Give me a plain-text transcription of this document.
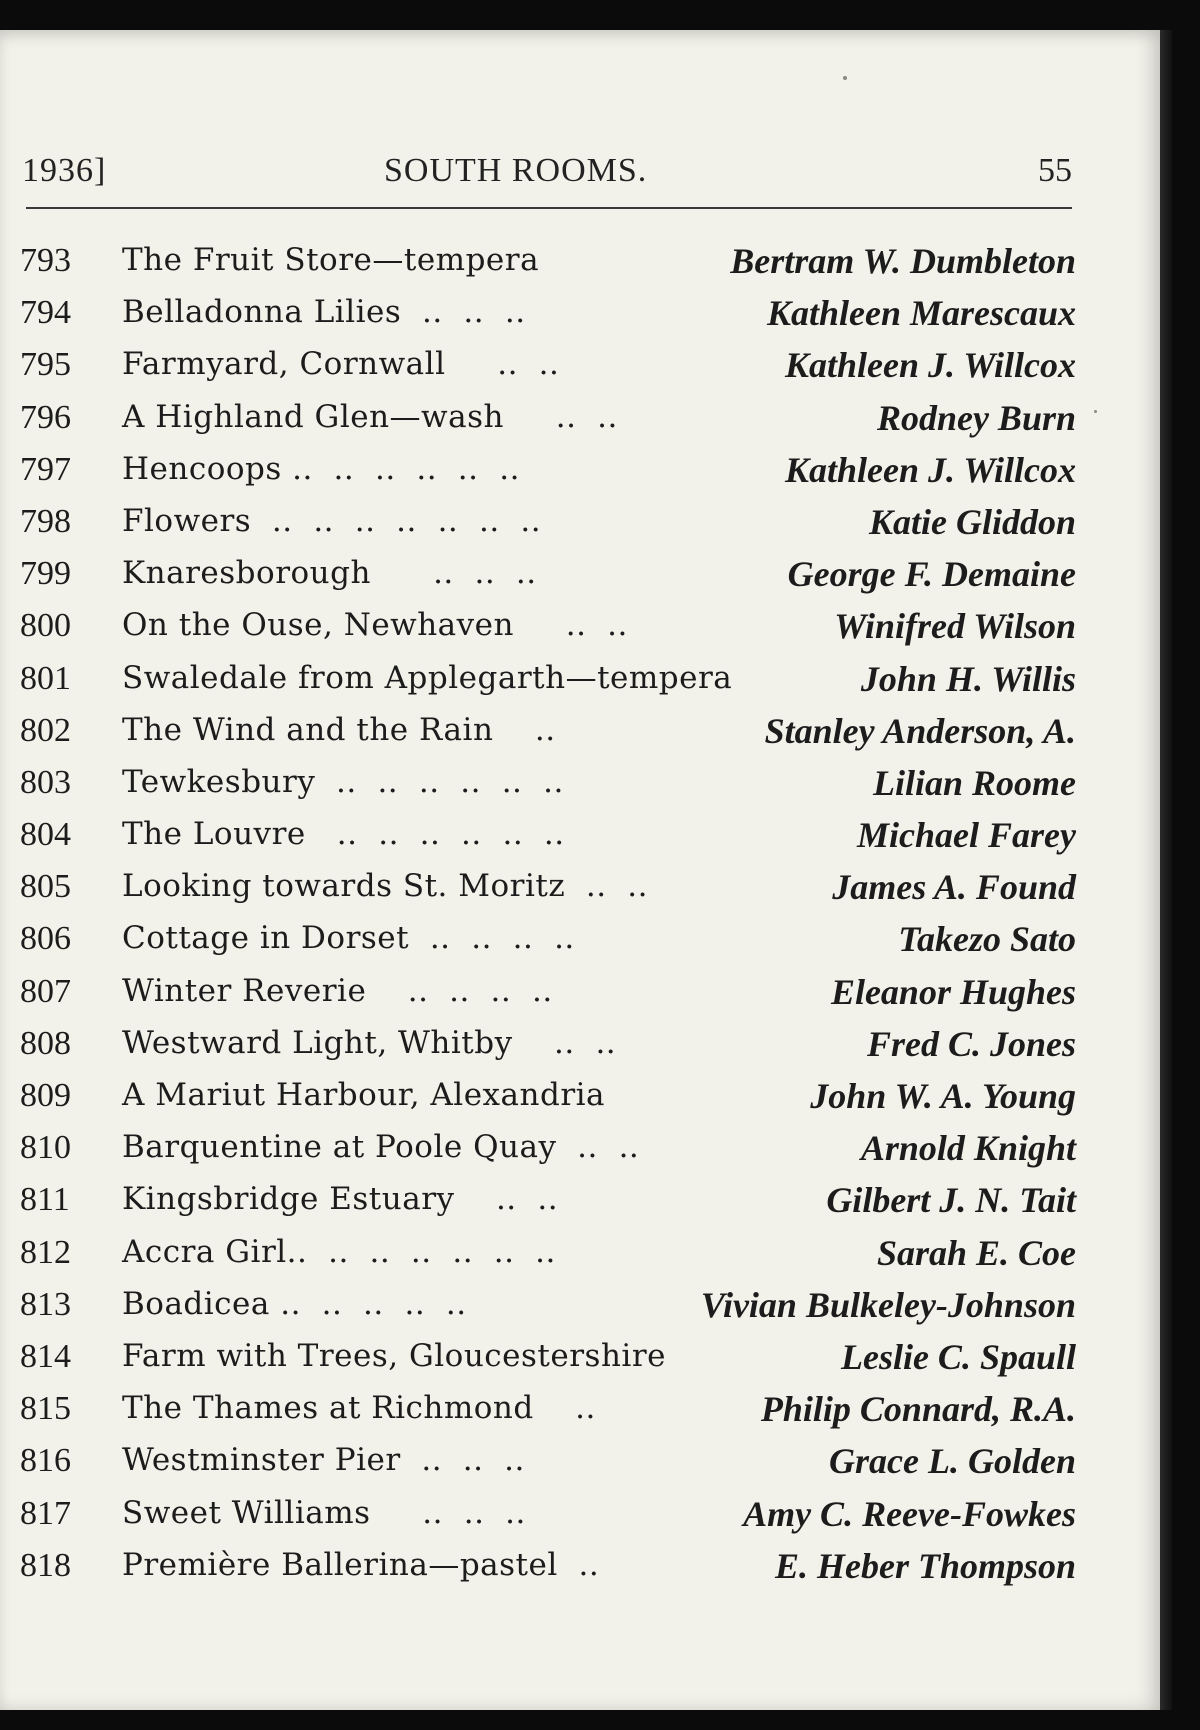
1936]	SOUTH ROOMS.	55
793	The Fruit Store—tempera	Bertram W. Dumbleton
794	Belladonna Lilies  ..  ..  ..	Kathleen Marescaux
795	Farmyard, Cornwall     ..  ..	Kathleen J. Willcox
796	A Highland Glen—wash     ..  ..	Rodney Burn
797	Hencoops ..  ..  ..  ..  ..  ..	Kathleen J. Willcox
798	Flowers  ..  ..  ..  ..  ..  ..  ..	Katie Gliddon
799	Knaresborough      ..  ..  ..	George F. Demaine
800	On the Ouse, Newhaven     ..  ..	Winifred Wilson
801	Swaledale from Applegarth—tempera	John H. Willis
802	The Wind and the Rain    ..	Stanley Anderson, A.
803	Tewkesbury  ..  ..  ..  ..  ..  ..	Lilian Roome
804	The Louvre   ..  ..  ..  ..  ..  ..	Michael Farey
805	Looking towards St. Moritz  ..  ..	James A. Found
806	Cottage in Dorset  ..  ..  ..  ..	Takezo Sato
807	Winter Reverie    ..  ..  ..  ..	Eleanor Hughes
808	Westward Light, Whitby    ..  ..	Fred C. Jones
809	A Mariut Harbour, Alexandria	John W. A. Young
810	Barquentine at Poole Quay  ..  ..	Arnold Knight
811	Kingsbridge Estuary    ..  ..	Gilbert J. N. Tait
812	Accra Girl..  ..  ..  ..  ..  ..  ..	Sarah E. Coe
813	Boadicea ..  ..  ..  ..  ..	Vivian Bulkeley-Johnson
814	Farm with Trees, Gloucestershire	Leslie C. Spaull
815	The Thames at Richmond    ..	Philip Connard, R.A.
816	Westminster Pier  ..  ..  ..	Grace L. Golden
817	Sweet Williams     ..  ..  ..	Amy C. Reeve-Fowkes
818	Première Ballerina—pastel  ..	E. Heber Thompson
